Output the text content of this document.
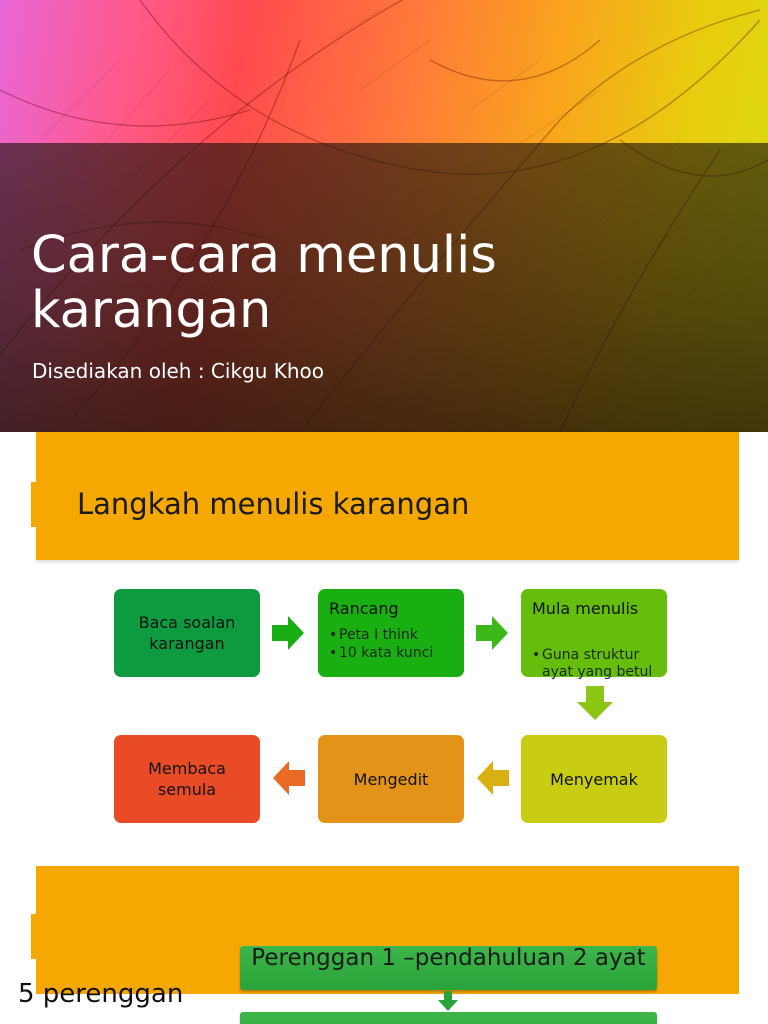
Cara-cara menulis karangan
Disediakan oleh : Cikgu Khoo
Langkah menulis karangan
Baca soalan karangan
Rancang
• Peta I think
• 10 kata kunci
Mula menulis
• Guna struktur ayat yang betul
Menyemak
Mengedit
Membaca semula
5 perenggan
Perenggan 1 –pendahuluan 2 ayat
